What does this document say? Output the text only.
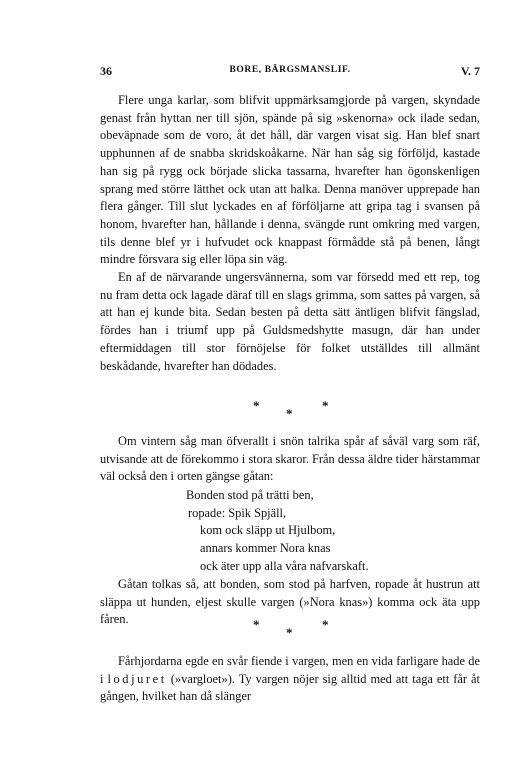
36	BORE, BÄRGSMANSLIF.	V. 7

Flere unga karlar, som blifvit uppmärksamgjorde på vargen, skyndade genast från hyttan ner till sjön, spände på sig »skenorna» ock ilade sedan, obeväpnade som de voro, åt det håll, där vargen visat sig. Han blef snart upphunnen af de snabba skridskoåkarne. När han såg sig förföljd, kastade han sig på rygg ock började slicka tassarna, hvarefter han ögonskenligen sprang med större lätthet ock utan att halka. Denna manöver upprepade han flera gånger. Till slut lyckades en af förföljarne att gripa tag i svansen på honom, hvarefter han, hållande i denna, svängde runt omkring med vargen, tils denne blef yr i hufvudet ock knappast förmådde stå på benen, långt mindre försvara sig eller löpa sin väg.

En af de närvarande ungersvännerna, som var försedd med ett rep, tog nu fram detta ock lagade däraf till en slags grimma, som sattes på vargen, så att han ej kunde bita. Sedan besten på detta sätt äntligen blifvit fängslad, fördes han i triumf upp på Guldsmedshytte masugn, där han under eftermiddagen till stor förnöjelse för folket utställdes till allmänt beskådande, hvarefter han dödades.

*	*
*

Om vintern såg man öfverallt i snön talrika spår af såväl varg som räf, utvisande att de förekommo i stora skaror. Från dessa äldre tider härstammar väl också den i orten gängse gåtan:

Bonden stod på trätti ben,
ropade: Spik Spjäll,
kom ock släpp ut Hjulbom,
annars kommer Nora knas
ock äter upp alla våra nafvarskaft.

Gåtan tolkas så, att bonden, som stod på harfven, ropade åt hustrun att släppa ut hunden, eljest skulle vargen (»Nora knas») komma ock äta upp fåren.	*	*
*

Fårhjordarna egde en svår fiende i vargen, men en vida farligare hade de i lodjuret (»vargloet»). Ty vargen nöjer sig alltid med att taga ett får åt gången, hvilket han då slänger
